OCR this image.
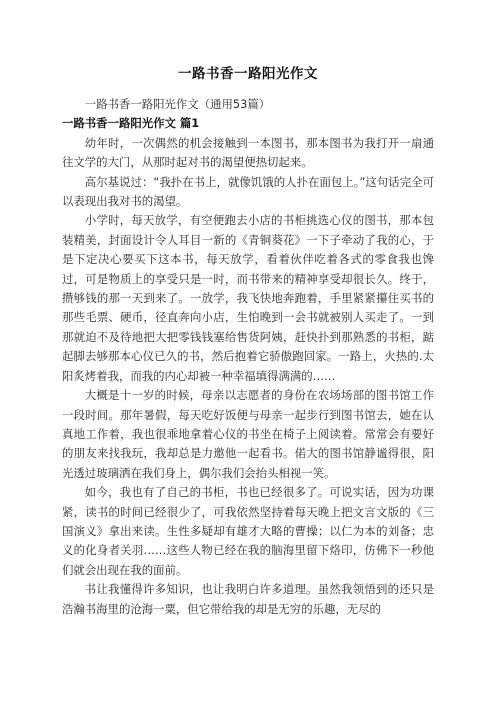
一路书香一路阳光作文

一路书香一路阳光作文（通用53篇）

一路书香一路阳光作文 篇1

幼年时，一次偶然的机会接触到一本图书，那本图书为我打开一扇通往文学的大门，从那时起对书的渴望便热切起来。

高尔基说过：“我扑在书上，就像饥饿的人扑在面包上。”这句话完全可以表现出我对书的渴望。

小学时，每天放学，有空便跑去小店的书柜挑选心仪的图书，那本包装精美，封面设计令人耳目一新的《青铜葵花》一下子牵动了我的心，于是下定决心要买下这本书，每天放学，看着伙伴吃着各式的零食我也馋过，可是物质上的享受只是一时，而书带来的精神享受却很长久。终于，攒够钱的那一天到来了。一放学，我飞快地奔跑着，手里紧紧攥住买书的那些毛票、硬币，径直奔向小店，生怕晚到一会书就被别人买走了。一到那就迫不及待地把大把零钱钱塞给售货阿姨，赶快扑到那熟悉的书柜，踮起脚去够那本心仪已久的书，然后抱着它骄傲跑回家。一路上，火热的.太阳炙烤着我，而我的内心却被一种幸福填得满满的……

大概是十一岁的时候，母亲以志愿者的身份在农场场部的图书馆工作一段时间。那年暑假，每天吃好饭便与母亲一起步行到图书馆去，她在认真地工作着，我也很乖地拿着心仪的书坐在椅子上阅读着。常常会有要好的朋友来找我玩，我却总是力邀他一起看书。偌大的图书馆静谧得很，阳光透过玻璃洒在我们身上，偶尔我们会抬头相视一笑。

如今，我也有了自己的书柜，书也已经很多了。可说实话，因为功课紧，读书的时间已经很少了，可我依然坚持着每天晚上把文言文版的《三国演义》拿出来读。生性多疑却有雄才大略的曹操；以仁为本的刘备；忠义的化身者关羽……这些人物已经在我的脑海里留下烙印，仿佛下一秒他们就会出现在我的面前。

书让我懂得许多知识，也让我明白许多道理。虽然我领悟到的还只是浩瀚书海里的沧海一粟，但它带给我的却是无穷的乐趣，无尽的
